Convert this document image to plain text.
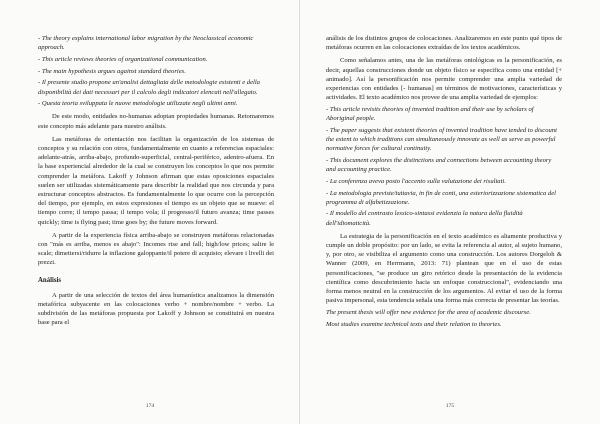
- The theory explains international labor migration by the Neoclassical economic approach.

- This article reviews theories of organizational communication.

- The main hypothesis argues against standard theories.

- Il presente studio propone un'analisi dettagliata delle metodologie esistenti e della disponibilità dei dati necessari per il calcolo degli indicatori elencati nell'allegato.

- Questa teoria sviluppata le nuove metodologie utilizzate negli ultimi anni.

De este modo, entidades no-humanas adoptan propiedades humanas. Retomaremos este concepto más adelante para nuestro análisis.

Las metáforas de orientación nos facilitan la organización de los sistemas de conceptos y su relación con otros, fundamentalmente en cuanto a referencias espaciales: adelante-atrás, arriba-abajo, profundo-superficial, central-periférico, adentro-afuera. En la base experiencial alrededor de la cual se construyen los conceptos lo que nos permite comprender la metáfora. Lakoff y Johnson afirman que estas oposiciones espaciales suelen ser utilizadas sistemáticamente para describir la realidad que nos circunda y para estructurar conceptos abstractos. Es fundamentalmente lo que ocurre con la percepción del tiempo, por ejemplo, en estos expresiones el tiempo es un objeto que se mueve: el tiempo corre; il tempo passa; il tempo vola; il progresso/il futuro avanza; time passes quickly; time is flying past; time goes by; the future moves forward.

A partir de la experiencia física arriba-abajo se construyen metáforas relacionadas con "más es arriba, menos es abajo": Incomes rise and fall; high/low prices; salire le scale; dimettersi/ridurre la inflazione galoppante/il potere di acquisto; elevare i livelli dei prezzi.

Análisis

A partir de una selección de textos del área humanística analizamos la dimensión metafórica subyacente en las colocaciones verbo + nombre/nombre + verbo. La subdivisión de las metáforas propuesta por Lakoff y Johnson se constituirá en nuestra base para el

174

análisis de los distintos grupos de colocaciones. Analizaremos en este punto qué tipos de metáforas ocurren en las colocaciones extraídas de los textos académicos.

Como señalamos antes, una de las metáforas ontológicas es la personificación, es decir, aquellas construcciones donde un objeto físico se especifica como una entidad [+ animado]. Así la personificación nos permite comprender una amplia variedad de experiencias con entidades [- humanas] en términos de motivaciones, características y actividades. El texto académico nos provee de una amplia variedad de ejemplos:

- This article revisits theories of invented tradition and their use by scholars of Aboriginal people.

- The paper suggests that existent theories of invented tradition have tended to discount the extent to which traditions can simultaneously innovate as well as serve as powerful normative forces for cultural continuity.

- This document explores the distinctions and connections between accounting theory and accounting practice.

- La conferenza aveva posto l'accento sulla valutazione dei risultati.

- La metodologia previste/tuttavia, in fin de conti, una esteriorizzazione sistematica del programma di alfabetizzazione.

- Il modello del contrasto lessico-sintassi evidenzia la natura della fluidità dell'idiomaticità.

La estrategia de la personificación en el texto académico es altamente productiva y cumple un doble propósito: por un lado, se evita la referencia al autor, al sujeto humano, y, por otro, se visibiliza el argumento como una construcción. Los autores Dorgeloh & Wanner (2009, en Herrmann, 2013: 71) plantean que en el uso de estas personificaciones, "se produce un giro retórico desde la presentación de la evidencia científica como descubrimiento hacia un enfoque construccional", evidenciando una forma menos neutral en la construcción de los argumentos. Al evitar el uso de la forma pasiva impersonal, esta tendencia señala una forma más correcta de presentar las teorías.

The present thesis will offer new evidence for the area of academic discourse.

Most studies examine technical texts and their relation to theories.

175
